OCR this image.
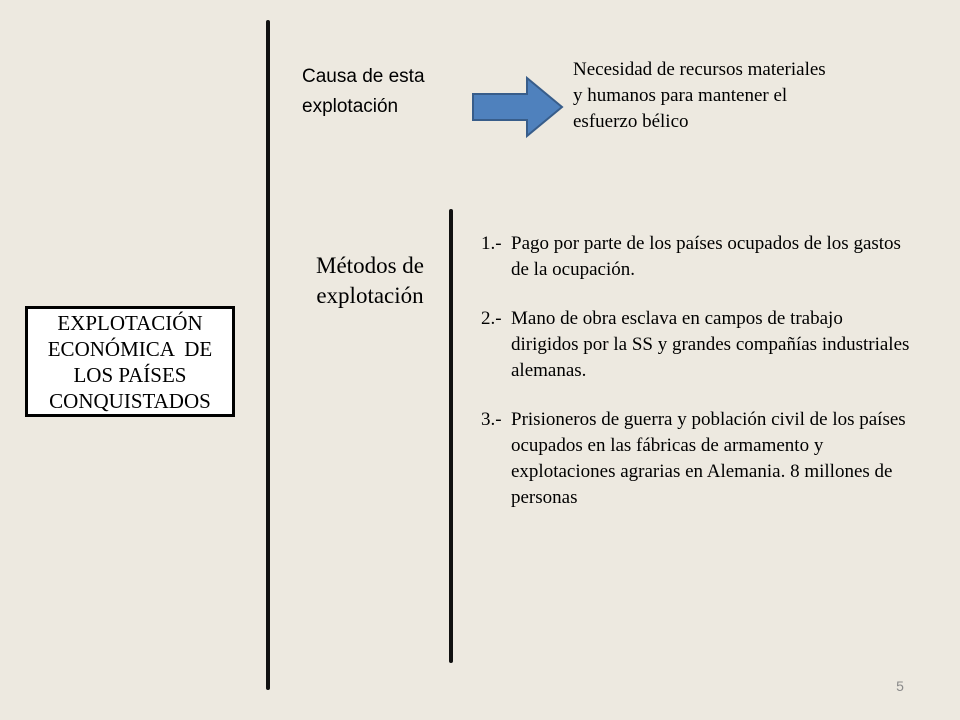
EXPLOTACIÓN
ECONÓMICA  DE
LOS PAÍSES
CONQUISTADOS
Causa de esta
explotación
Necesidad de recursos materiales
y humanos para mantener el
esfuerzo bélico
Métodos de
explotación
1.- Pago por parte de los países ocupados de los gastos de la ocupación.
2.- Mano de obra esclava en campos de trabajo dirigidos por la SS y grandes compañías industriales alemanas.
3.- Prisioneros de guerra y población civil de los países ocupados en las fábricas de armamento y explotaciones agrarias en Alemania. 8 millones de personas
5
